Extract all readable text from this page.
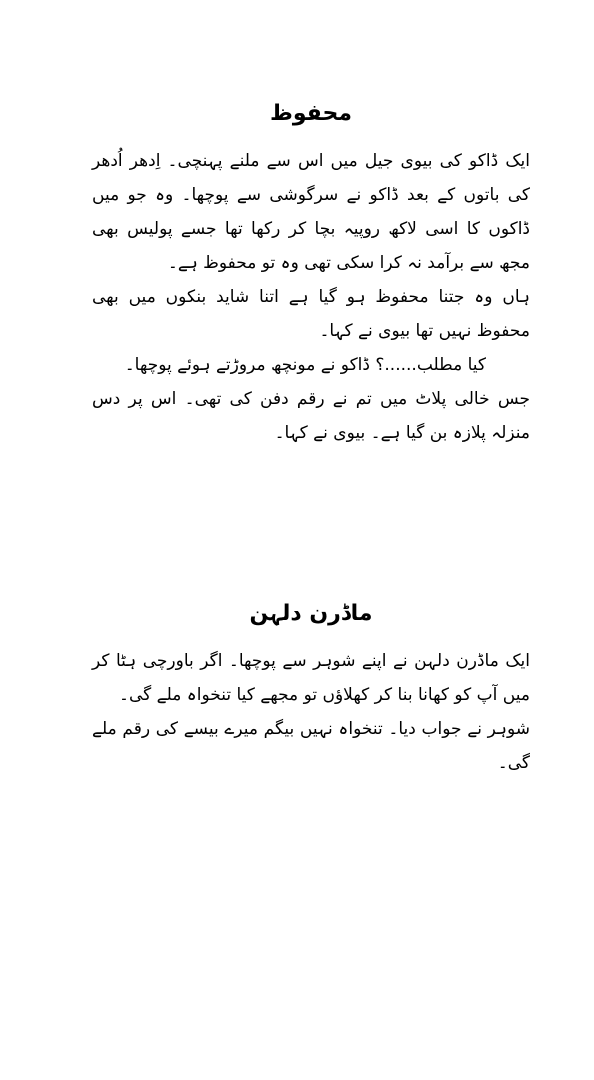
محفوظ

ایک ڈاکو کی بیوی جیل میں اس سے ملنے پہنچی۔ اِدھر اُدھر کی باتوں کے بعد ڈاکو نے سرگوشی سے پوچھا۔ وہ جو میں ڈاکوں کا اسی لاکھ روپیہ بچا کر رکھا تھا جسے پولیس بھی مجھ سے برآمد نہ کرا سکی تھی وہ تو محفوظ ہے۔

ہاں وہ جتنا محفوظ ہو گیا ہے اتنا شاید بنکوں میں بھی محفوظ نہیں تھا بیوی نے کہا۔

کیا مطلب......؟ ڈاکو نے مونچھ مروڑتے ہوئے پوچھا۔

جس خالی پلاٹ میں تم نے رقم دفن کی تھی۔ اس پر دس منزلہ پلازہ بن گیا ہے۔ بیوی نے کہا۔

ماڈرن دلہن

ایک ماڈرن دلہن نے اپنے شوہر سے پوچھا۔ اگر باورچی ہٹا کر میں آپ کو کھانا بنا کر کھلاؤں تو مجھے کیا تنخواہ ملے گی۔

شوہر نے جواب دیا۔ تنخواہ نہیں بیگم میرے بیسے کی رقم ملے گی۔
